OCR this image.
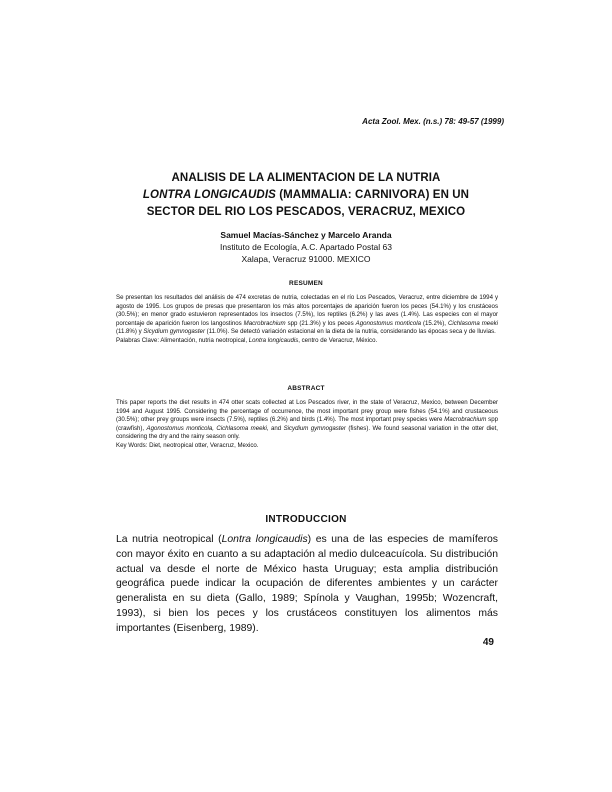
Acta Zool. Mex. (n.s.) 78: 49-57 (1999)
ANALISIS DE LA ALIMENTACION DE LA NUTRIA
LONTRA LONGICAUDIS (MAMMALIA: CARNIVORA) EN UN
SECTOR DEL RIO LOS PESCADOS, VERACRUZ, MEXICO
Samuel Macías-Sánchez y Marcelo Aranda
Instituto de Ecología, A.C. Apartado Postal 63
Xalapa, Veracruz 91000. MEXICO
RESUMEN
Se presentan los resultados del análisis de 474 excretas de nutria, colectadas en el río Los Pescados, Veracruz, entre diciembre de 1994 y agosto de 1995. Los grupos de presas que presentaron los más altos porcentajes de aparición fueron los peces (54.1%) y los crustáceos (30.5%); en menor grado estuvieron representados los insectos (7.5%), los reptiles (6.2%) y las aves (1.4%). Las especies con el mayor porcentaje de aparición fueron los langostinos Macrobrachium spp (21.3%) y los peces Agonostomus monticola (15.2%), Cichlasoma meeki (11.8%) y Sicydium gymnogaster (11.0%). Se detectó variación estacional en la dieta de la nutria, considerando las épocas seca y de lluvias.
Palabras Clave: Alimentación, nutria neotropical, Lontra longicaudis, centro de Veracruz, México.
ABSTRACT
This paper reports the diet results in 474 otter scats collected at Los Pescados river, in the state of Veracruz, Mexico, between December 1994 and August 1995. Considering the percentage of occurrence, the most important prey group were fishes (54.1%) and crustaceous (30.5%); other prey groups were insects (7.5%), reptiles (6.2%) and birds (1.4%). The most important prey species were Macrobrachium spp (crawfish), Agonostomus monticola, Cichlasoma meeki, and Sicydium gymnogaster (fishes). We found seasonal variation in the otter diet, considering the dry and the rainy season only.
Key Words: Diet, neotropical otter, Veracruz, Mexico.
INTRODUCCION
La nutria neotropical (Lontra longicaudis) es una de las especies de mamíferos con mayor éxito en cuanto a su adaptación al medio dulceacuícola. Su distribución actual va desde el norte de México hasta Uruguay; esta amplia distribución geográfica puede indicar la ocupación de diferentes ambientes y un carácter generalista en su dieta (Gallo, 1989; Spínola y Vaughan, 1995b; Wozencraft, 1993), si bien los peces y los crustáceos constituyen los alimentos más importantes (Eisenberg, 1989).
49
